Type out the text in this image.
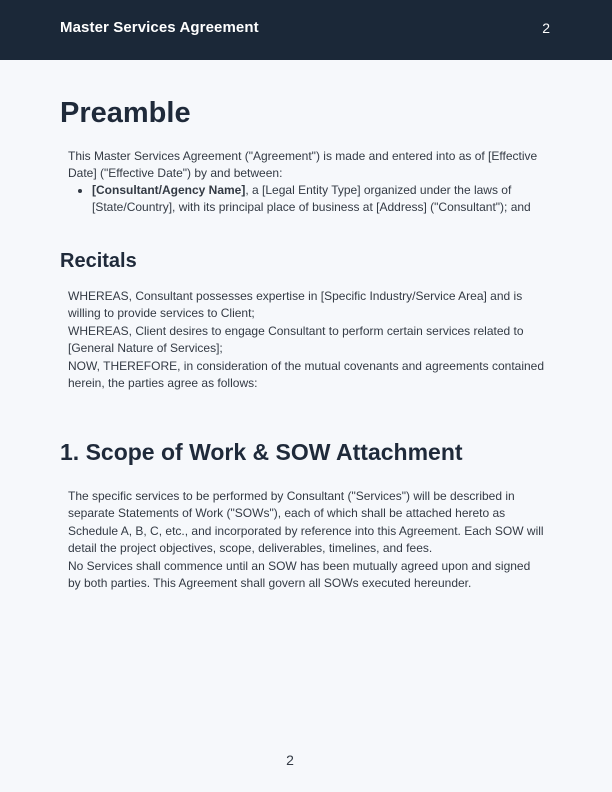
Master Services Agreement	2
Preamble

This Master Services Agreement ("Agreement") is made and entered into as of [Effective Date] ("Effective Date") by and between:

• [Consultant/Agency Name], a [Legal Entity Type] organized under the laws of [State/Country], with its principal place of business at [Address] ("Consultant"); and
Recitals

WHEREAS, Consultant possesses expertise in [Specific Industry/Service Area] and is willing to provide services to Client;

WHEREAS, Client desires to engage Consultant to perform certain services related to [General Nature of Services];

NOW, THEREFORE, in consideration of the mutual covenants and agreements contained herein, the parties agree as follows:

1. Scope of Work & SOW Attachment

The specific services to be performed by Consultant ("Services") will be described in separate Statements of Work ("SOWs"), each of which shall be attached hereto as Schedule A, B, C, etc., and incorporated by reference into this Agreement. Each SOW will detail the project objectives, scope, deliverables, timelines, and fees.

No Services shall commence until an SOW has been mutually agreed upon and signed by both parties. This Agreement shall govern all SOWs executed hereunder.

2
